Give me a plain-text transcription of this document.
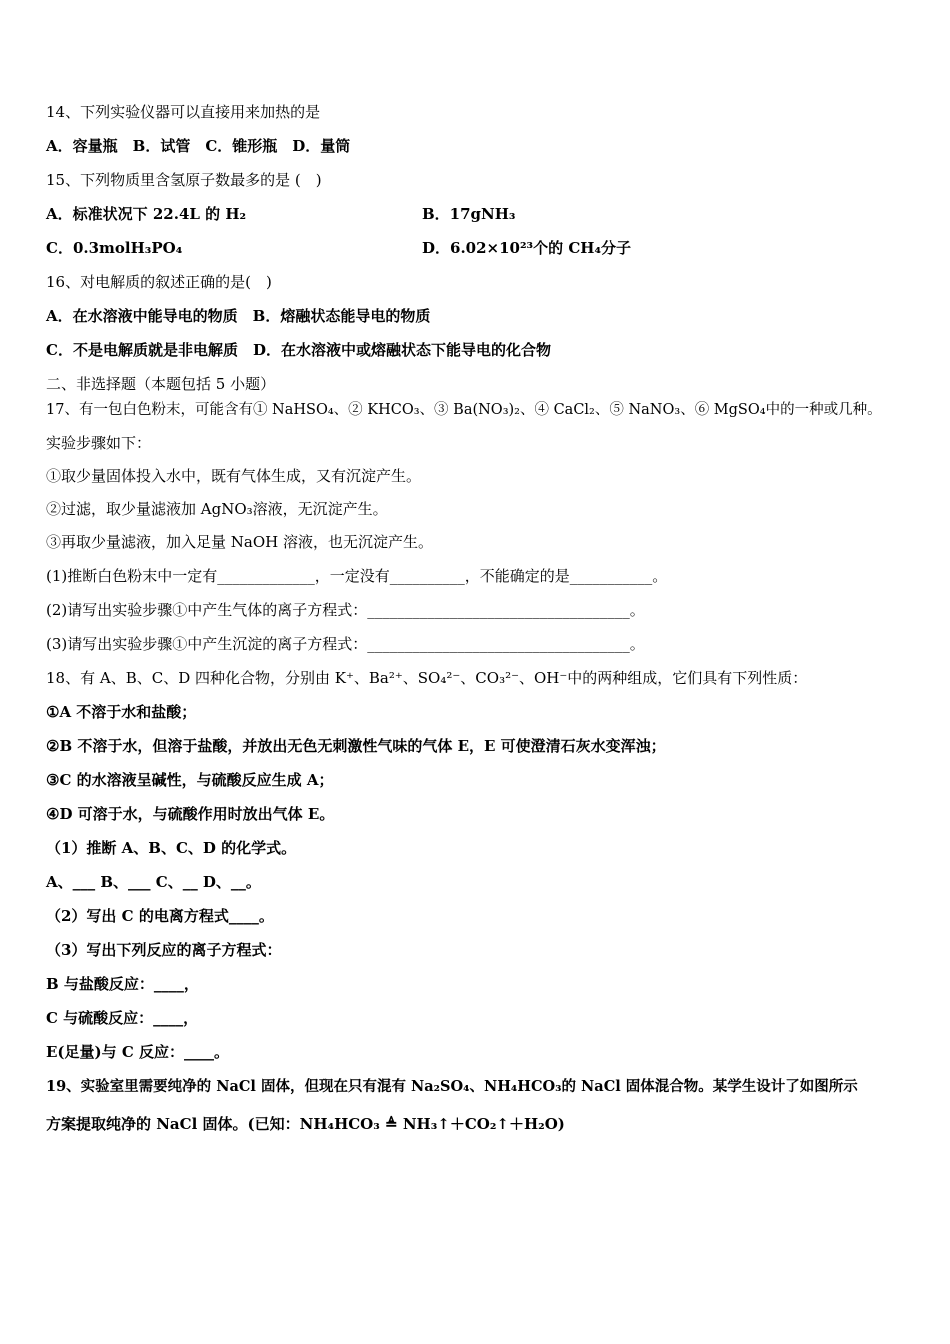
14、下列实验仪器可以直接用来加热的是
A．容量瓶　B．试管　C．锥形瓶　D．量筒
15、下列物质里含氢原子数最多的是 (　)
A．标准状况下 22.4L 的 H₂	B．17gNH₃
C．0.3molH₃PO₄	D．6.02×10²³个的 CH₄分子
16、对电解质的叙述正确的是(　)
A．在水溶液中能导电的物质　B．熔融状态能导电的物质
C．不是电解质就是非电解质　D．在水溶液中或熔融状态下能导电的化合物
二、非选择题（本题包括 5 小题）
17、有一包白色粉末，可能含有① NaHSO₄、② KHCO₃、③ Ba(NO₃)₂、④ CaCl₂、⑤ NaNO₃、⑥ MgSO₄中的一种或几种。
实验步骤如下：
①取少量固体投入水中，既有气体生成，又有沉淀产生。
②过滤，取少量滤液加 AgNO₃溶液，无沉淀产生。
③再取少量滤液，加入足量 NaOH 溶液，也无沉淀产生。
(1)推断白色粉末中一定有_____________，一定没有__________，不能确定的是___________。
(2)请写出实验步骤①中产生气体的离子方程式：___________________________________。
(3)请写出实验步骤①中产生沉淀的离子方程式：___________________________________。
18、有 A、B、C、D 四种化合物，分别由 K⁺、Ba²⁺、SO₄²⁻、CO₃²⁻、OH⁻中的两种组成，它们具有下列性质：
①A 不溶于水和盐酸；
②B 不溶于水，但溶于盐酸，并放出无色无刺激性气味的气体 E，E 可使澄清石灰水变浑浊；
③C 的水溶液呈碱性，与硫酸反应生成 A；
④D 可溶于水，与硫酸作用时放出气体 E。
（1）推断 A、B、C、D 的化学式。
A、___ B、___ C、__ D、__。
（2）写出 C 的电离方程式____。
（3）写出下列反应的离子方程式：
B 与盐酸反应：____，
C 与硫酸反应：____，
E(足量)与 C 反应：____。
19、实验室里需要纯净的 NaCl 固体，但现在只有混有 Na₂SO₄、NH₄HCO₃的 NaCl 固体混合物。某学生设计了如图所示
方案提取纯净的 NaCl 固体。(已知：NH₄HCO₃ ≜ NH₃↑＋CO₂↑＋H₂O)
